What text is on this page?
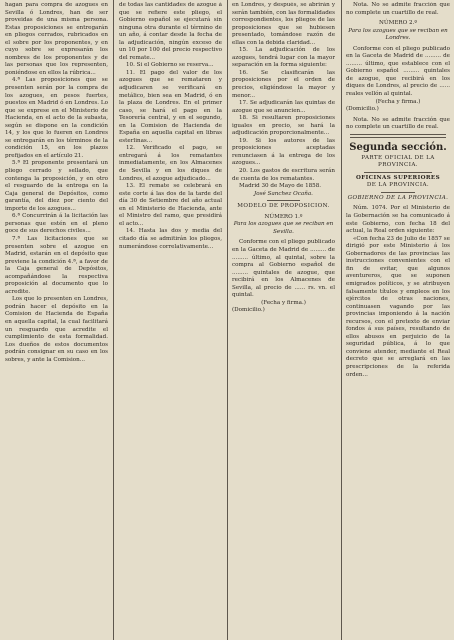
hagan para compra de azogues en Sevilla ó Londres, han de ser proveidas de una misma persona. Estas proposiciones se entregarán en pliegos cerrados, rubricados en el sobre por los proponentes, y en cuyo sobre se expresarán los nombres de los proponentes y de las personas que los representen, poniéndose en ellos la rúbrica...

4.ª Las proposiciones que se presenten serán por la compra de los azogues, en pesos fuertes, puestos en Madrid ó en Londres. Lo que se exprese en el Ministerio de Hacienda, en el acto de la subasta, según se dispone en la condición 14, y los que lo fueren en Londres se entregarán en los términos de la condición 15, en los plazos prefijados en el artículo 21.

5.ª El proponente presentará un pliego cerrado y sellado, que contenga la proposición, y en otro el resguardo de la entrega en la Caja general de Depósitos, como garantía, del diez por ciento del importe de los azogues...

6.ª Concurrirán á la licitación las personas que estén en el pleno goce de sus derechos civiles...

7.ª Las licitaciones que se presenten sobre el azogue en Madrid, estarán en el depósito que previene la condición 4.ª, a favor de la Caja general de Depósitos, acompañándose la respectiva proposición al documento que lo acredite.

Los que lo presenten en Londres, podrán hacer el depósito en la Comision de Hacienda de España en aquella capital, la cual facilitará un resguardo que acredite el cumplimiento de esta formalidad. Los dueños de estos documentos podrán consignar en su caso en los sobres, y ante la Comision...

de todas las cantidades de azogue á que se refiere este pliego, el Gobierno español se ejecutará sin ninguna otra durante el término de un año, á contar desde la fecha de la adjudicación, ningún exceso de un 10 por 100 del precio respectivo del remate...

10. Si el Gobierno se reserva...

11. El pago del valor de los azogues que se remataren y adjudicaren se verificará en metálico, bien sea en Madrid, ó en la plaza de Londres. En el primer caso, se hará el pago en la Tesorería central, y en el segundo, en la Comision de Hacienda de España en aquella capital en libras esterlinas...

12. Verificado el pago, se entregará á los rematantes inmediatamente, en los Almacenes de Sevilla y en los diques de Londres, el azogue adjudicado...

13. El remate se celebrará en este corte á las dos de la tarde del día 30 de Setiembre del año actual en el Ministerio de Hacienda, ante el Ministro del ramo, que presidirá el acto...

14. Hasta las dos y media del citado día se admitirán los pliegos, numerándose correlativamente...

en Londres, y después, se abrirán y serán también, con las formalidades correspondientes, los pliegos de las proposiciones que se hubiesen presentado, tomándose razón de ellas con la debida claridad...

15. La adjudicación de los azogues, tendrá lugar con la mayor separación en la forma siguiente:

16. Se clasificarán las proposiciones por el orden de precios, eligiéndose la mayor y menor...

17. Se adjudicarán las quintas de azogue que se anuncien...

18. Si resultaren proposiciones iguales en precio, se hará la adjudicación proporcionalmente...

19. Si los autores de las proposiciones aceptadas renunciasen á la entrega de los azogues...

20. Los gastos de escritura serán de cuenta de los rematantes.

Madrid 30 de Mayo de 1858.

José Sanchez Ocaña.

MODELO DE PROPOSICION.

NÚMERO 1.º

Para los azogues que se reciban en Sevilla.

Conforme con el pliego publicado en la Gaceta de Madrid de ......... de ......... último, al quintal, sobre la compra al Gobierno español de ......... quintales de azogue, que recibirá en los Almacenes de Sevilla, al precio de ...... rs. vn. el quintal.

(Fecha y firma.)

(Domicilio.)

Nota. No se admite fracción que no complete un cuartillo de real.

NÚMERO 2.º

Para los azogues que se reciban en Londres.

Conforme con el pliego publicado en la Gaceta de Madrid de ......... de ......... último, que establece con el Gobierno español ......... quintales de azogue, que recibirá en los diques de Londres, al precio de ...... reales vellón al quintal.

(Fecha y firma.)

(Domicilio.)

Nota. No se admite fracción que no complete un cuartillo de real.

Segunda sección.

PARTE OFICIAL DE LA PROVINCIA.

OFICINAS SUPERIORES

DE LA PROVINCIA.

GOBIERNO DE LA PROVINCIA.

Núm. 1074. Por el Ministerio de la Gobernación se ha comunicado á este Gobierno, con fecha 18 del actual, la Real orden siguiente:

«Con fecha 23 de Julio de 1857 se dirigió por este Ministerio á los Gobernadores de las provincias las instrucciones convenientes con el fin de evitar, que algunos aventureros, que se suponen emigrados políticos, y se atribuyen falsamente títulos y empleos en los ejércitos de otras naciones, continuasen vagando por las provincias imponiendo á la nación recursos, con el pretexto de enviar fondos á sus países, resultando de ellos abusos en perjuicio de la seguridad pública, á lo que conviene atender, mediante el Real decreto que se arreglará en las prescripciones de la referida orden...
